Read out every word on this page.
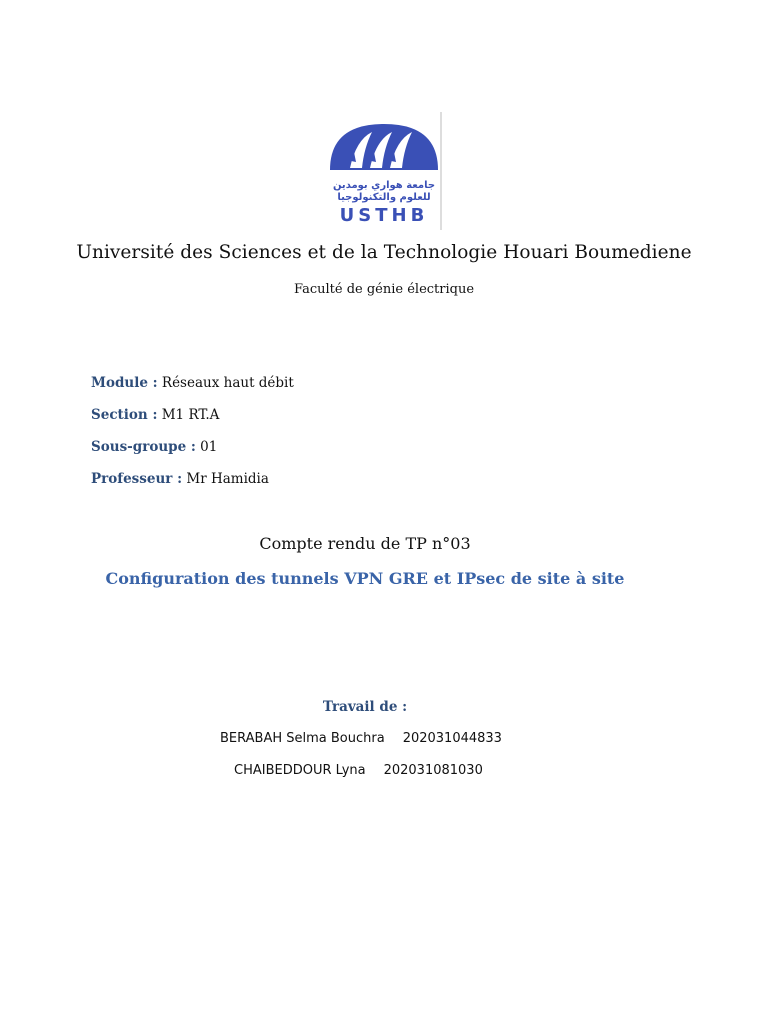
جامعة هواري بومدين
للعلوم والتكنولوجيا
USTHB
Université des Sciences et de la Technologie Houari Boumediene
Faculté de génie électrique
Module : Réseaux haut débit
Section : M1 RT.A
Sous-groupe : 01
Professeur : Mr Hamidia
Compte rendu de TP n°03
Configuration des tunnels VPN GRE et IPsec de site à site
Travail de :
BERABAH Selma Bouchra 202031044833
CHAIBEDDOUR Lyna 202031081030
